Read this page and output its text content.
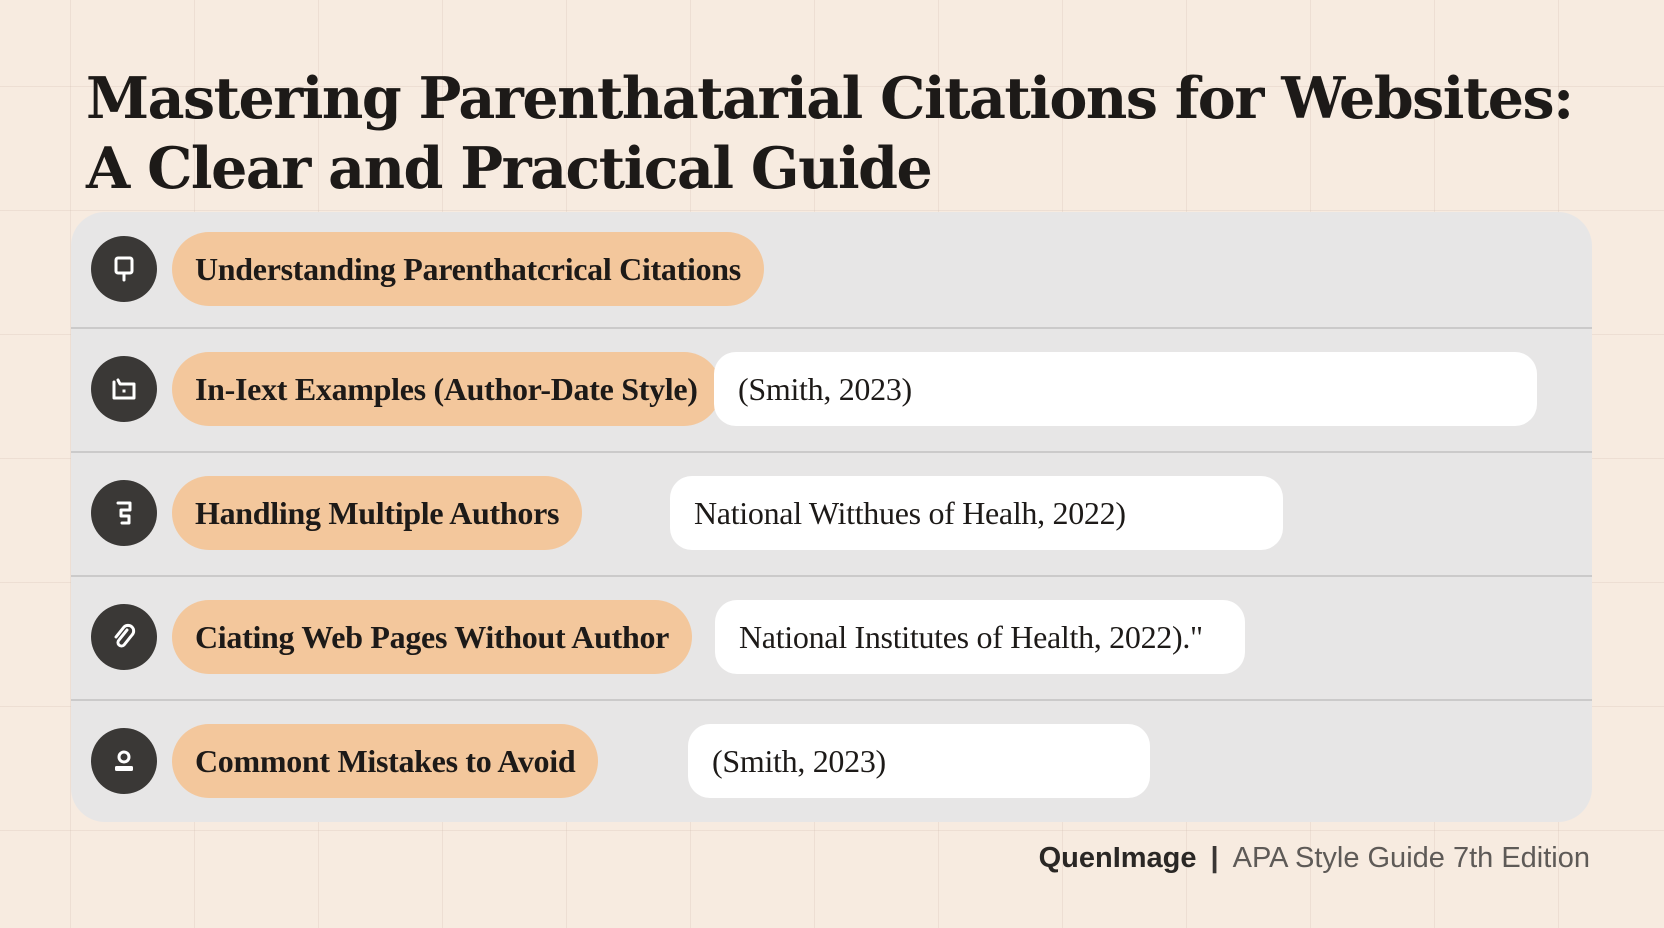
Mastering Parenthatarial Citations for Websites:
A Clear and Practical Guide
Understanding Parenthatcrical Citations
In-Iext Examples (Author-Date Style)	(Smith, 2023)
Handling Multiple Authors	National Witthues of Healh, 2022)
Ciating Web Pages Without Author	National Institutes of Health, 2022)."
Commont Mistakes to Avoid	(Smith, 2023)
QuenImage | APA Style Guide 7th Edition
